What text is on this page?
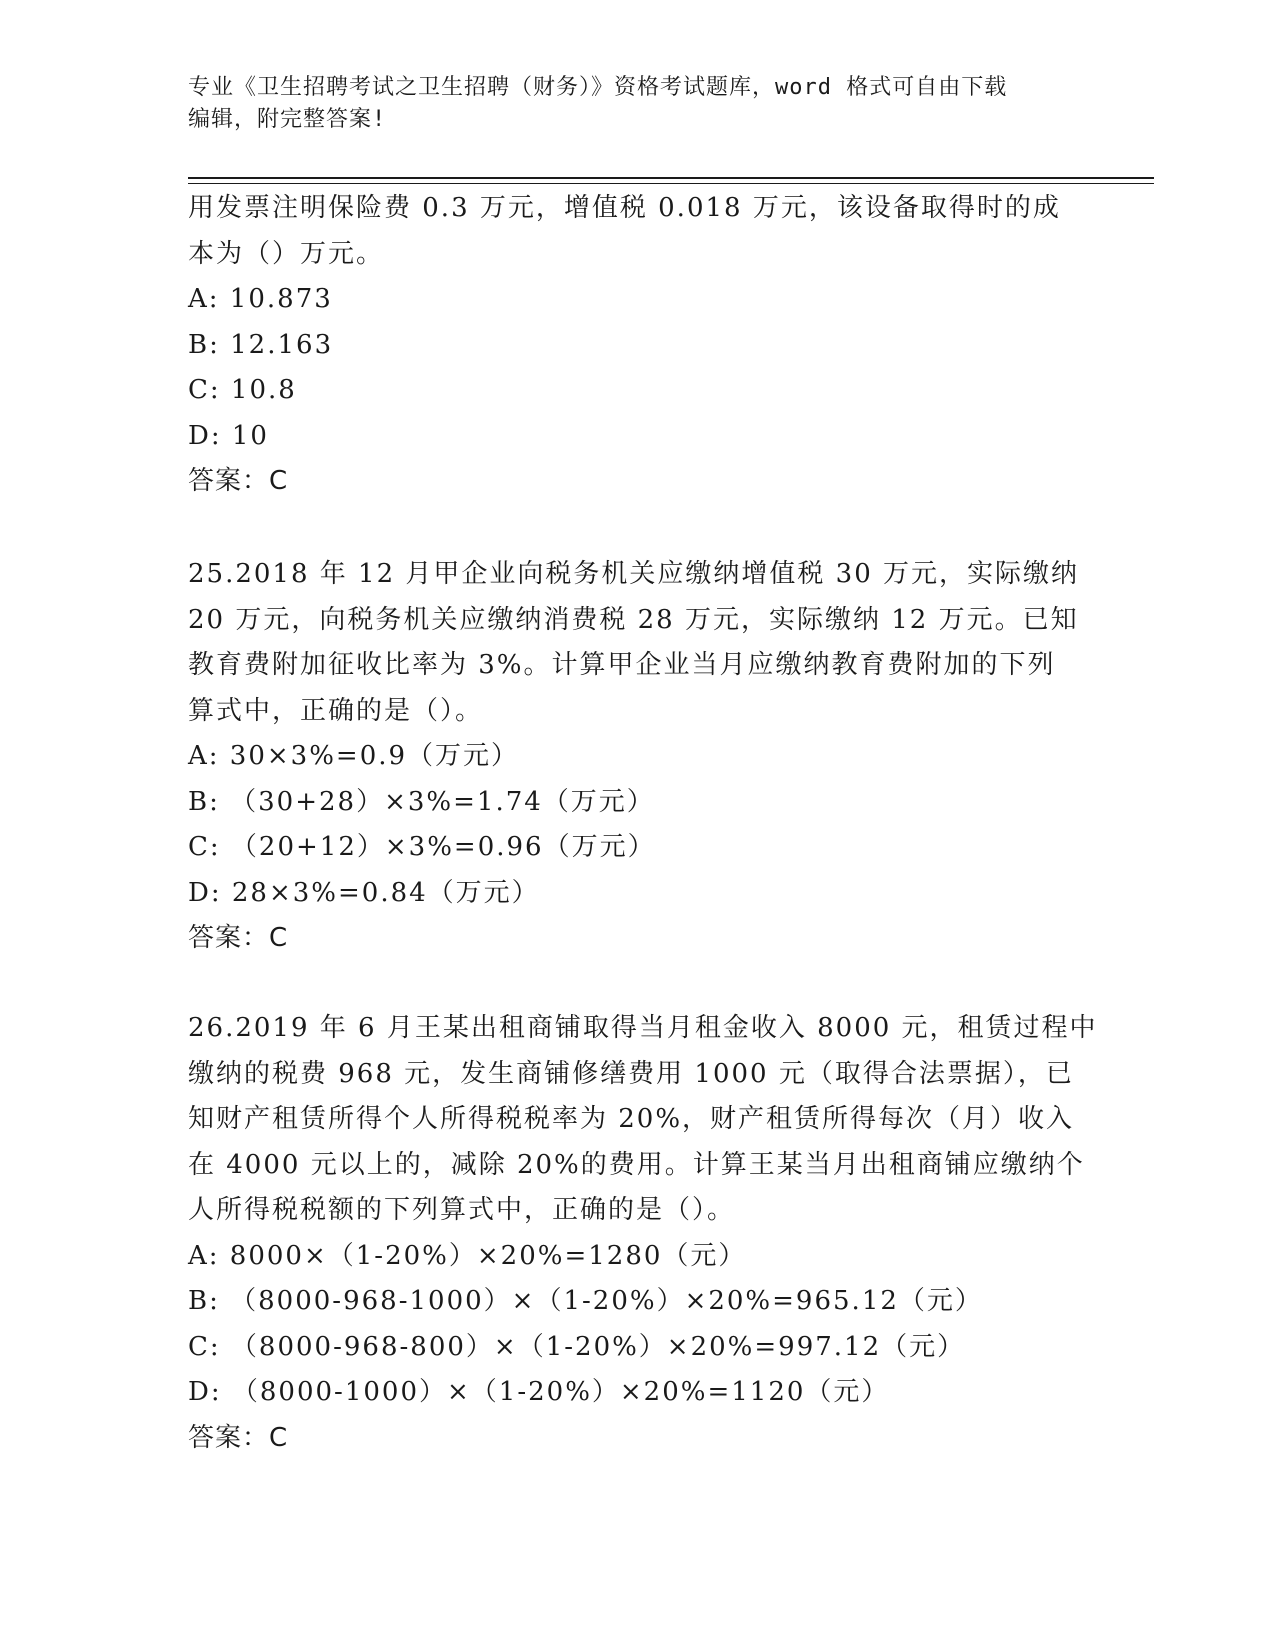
专业《卫生招聘考试之卫生招聘（财务）》资格考试题库，word 格式可自由下载
编辑，附完整答案!
用发票注明保险费 0.3 万元，增值税 0.018 万元，该设备取得时的成
本为（）万元。
A: 10.873
B: 12.163
C: 10.8
D: 10
答案：C
25.2018 年 12 月甲企业向税务机关应缴纳增值税 30 万元，实际缴纳
20 万元，向税务机关应缴纳消费税 28 万元，实际缴纳 12 万元。已知
教育费附加征收比率为 3%。计算甲企业当月应缴纳教育费附加的下列
算式中，正确的是（）。
A: 30×3%=0.9（万元）
B: （30+28）×3%=1.74（万元）
C: （20+12）×3%=0.96（万元）
D: 28×3%=0.84（万元）
答案：C
26.2019 年 6 月王某出租商铺取得当月租金收入 8000 元，租赁过程中
缴纳的税费 968 元，发生商铺修缮费用 1000 元（取得合法票据），已
知财产租赁所得个人所得税税率为 20%，财产租赁所得每次（月）收入
在 4000 元以上的，减除 20%的费用。计算王某当月出租商铺应缴纳个
人所得税税额的下列算式中，正确的是（）。
A: 8000×（1-20%）×20%=1280（元）
B: （8000-968-1000）×（1-20%）×20%=965.12（元）
C: （8000-968-800）×（1-20%）×20%=997.12（元）
D: （8000-1000）×（1-20%）×20%=1120（元）
答案：C
